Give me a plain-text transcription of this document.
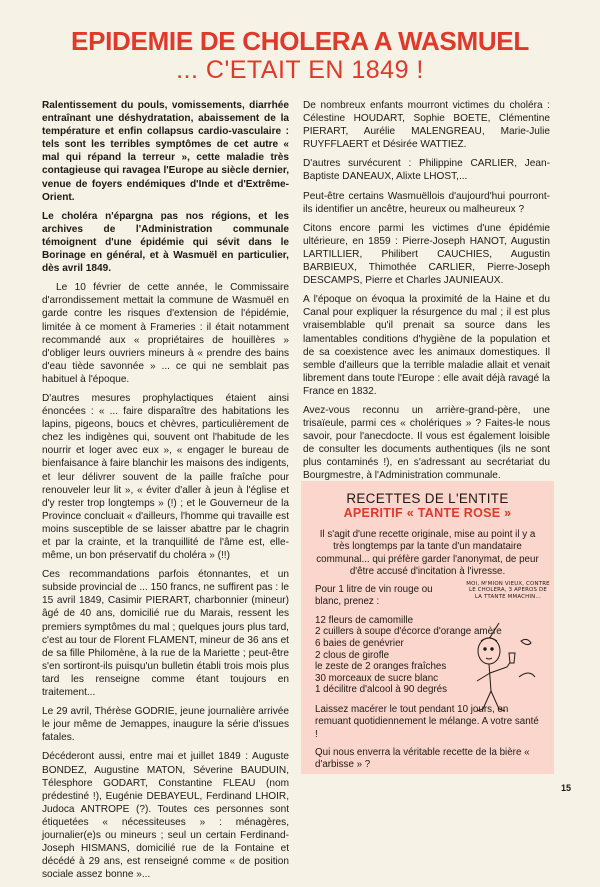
EPIDEMIE DE CHOLERA A WASMUEL
... C'ETAIT EN 1849 !

Ralentissement du pouls, vomissements, diarrhée entraînant une déshydratation, abaissement de la température et enfin collapsus cardio-vasculaire : tels sont les terribles symptômes de cet autre « mal qui répand la terreur », cette maladie très contagieuse qui ravagea l'Europe au siècle dernier, venue de foyers endémiques d'Inde et d'Extrême-Orient.

Le choléra n'épargna pas nos régions, et les archives de l'Administration communale témoignent d'une épidémie qui sévit dans le Borinage en général, et à Wasmuël en particulier, dès avril 1849.

Le 10 février de cette année, le Commissaire d'arrondissement mettait la commune de Wasmuël en garde contre les risques d'extension de l'épidémie, limitée à ce moment à Frameries : il était notamment recommandé aux « propriétaires de houillères » d'obliger leurs ouvriers mineurs à « prendre des bains d'eau tiède savonnée » ... ce qui ne semblait pas habituel à l'époque.

D'autres mesures prophylactiques étaient ainsi énoncées : « ... faire disparaître des habitations les lapins, pigeons, boucs et chèvres, particulièrement de chez les indigènes qui, souvent ont l'habitude de les nourrir et loger avec eux », « engager le bureau de bienfaisance à faire blanchir les maisons des indigents, et leur délivrer souvent de la paille fraîche pour renouveler leur lit », « éviter d'aller à jeun à l'église et d'y rester trop longtemps » (!) ; et le Gouverneur de la Province concluait « d'ailleurs, l'homme qui travaille est moins susceptible de se laisser abattre par le chagrin et par la crainte, et la tranquillité de l'âme est, elle-même, un bon préservatif du choléra » (!!)

Ces recommandations parfois étonnantes, et un subside provincial de ... 150 francs, ne suffirent pas : le 15 avril 1849, Casimir PIERART, charbonnier (mineur) âgé de 40 ans, domicilié rue du Marais, ressent les premiers symptômes du mal ; quelques jours plus tard, c'est au tour de Florent FLAMENT, mineur de 36 ans et de sa fille Philomène, à la rue de la Mariette ; peut-être s'en sortiront-ils puisqu'un bulletin établi trois mois plus tard les renseigne comme étant toujours en traitement...

Le 29 avril, Thérèse GODRIE, jeune journalière arrivée le jour même de Jemappes, inaugure la série d'issues fatales.

Décéderont aussi, entre mai et juillet 1849 : Auguste BONDEZ, Augustine MATON, Séverine BAUDUIN, Télesphore GODART, Constantine FLEAU (nom prédestiné !), Eugénie DEBAYEUL, Ferdinand LHOIR, Judoca ANTROPE (?). Toutes ces personnes sont étiquetées « nécessiteuses » : ménagères, journalier(e)s ou mineurs ; seul un certain Ferdinand-Joseph HISMANS, domicilié rue de la Fontaine et décédé à 29 ans, est renseigné comme « de position sociale assez bonne »...

De nombreux enfants mourront victimes du choléra : Célestine HOUDART, Sophie BOETE, Clémentine PIERART, Aurélie MALENGREAU, Marie-Julie RUYFFLAERT et Désirée WATTIEZ.

D'autres survécurent : Philippine CARLIER, Jean-Baptiste DANEAUX, Alixte LHOST,...

Peut-être certains Wasmuëllois d'aujourd'hui pourront-ils identifier un ancêtre, heureux ou malheureux ?

Citons encore parmi les victimes d'une épidémie ultérieure, en 1859 : Pierre-Joseph HANOT, Augustin LARTILLIER, Philibert CAUCHIES, Augustin BARBIEUX, Thimothée CARLIER, Pierre-Joseph DESCAMPS, Pierre et Charles JAUNIEAUX.

A l'époque on évoqua la proximité de la Haine et du Canal pour expliquer la résurgence du mal ; il est plus vraisemblable qu'il prenait sa source dans les lamentables conditions d'hygiène de la population et de sa coexistence avec les animaux domestiques. Il semble d'ailleurs que la terrible maladie allait et venait librement dans toute l'Europe : elle avait déjà ravagé la France en 1832.

Avez-vous reconnu un arrière-grand-père, une trisaïeule, parmi ces « cholériques » ? Faites-le nous savoir, pour l'anecdocte. Il vous est également loisible de consulter les documents authentiques (ils ne sont plus contaminés !), en s'adressant au secrétariat du Bourgmestre, à l'Administration communale.

RECETTES DE L'ENTITE
APERITIF « TANTE ROSE »

Il s'agit d'une recette originale, mise au point il y a très longtemps par la tante d'un mandataire communal... qui préfère garder l'anonymat, de peur d'être accusé d'incitation à l'ivresse.

Pour 1 litre de vin rouge ou blanc, prenez :

12 fleurs de camomille
2 cuillers à soupe d'écorce d'orange amère
6 baies de genévrier
2 clous de girofle
le zeste de 2 oranges fraîches
30 morceaux de sucre blanc
1 décilitre d'alcool à 90 degrés

Laissez macérer le tout pendant 10 jours, en remuant quotidiennement le mélange. A votre santé !

Qui nous enverra la véritable recette de la bière « d'arbisse » ?

MOI, M'MION VIEUX, CONTRE LE CHOLERA, 3 APEROS DE LA TTANTE MMACHIN...
15
